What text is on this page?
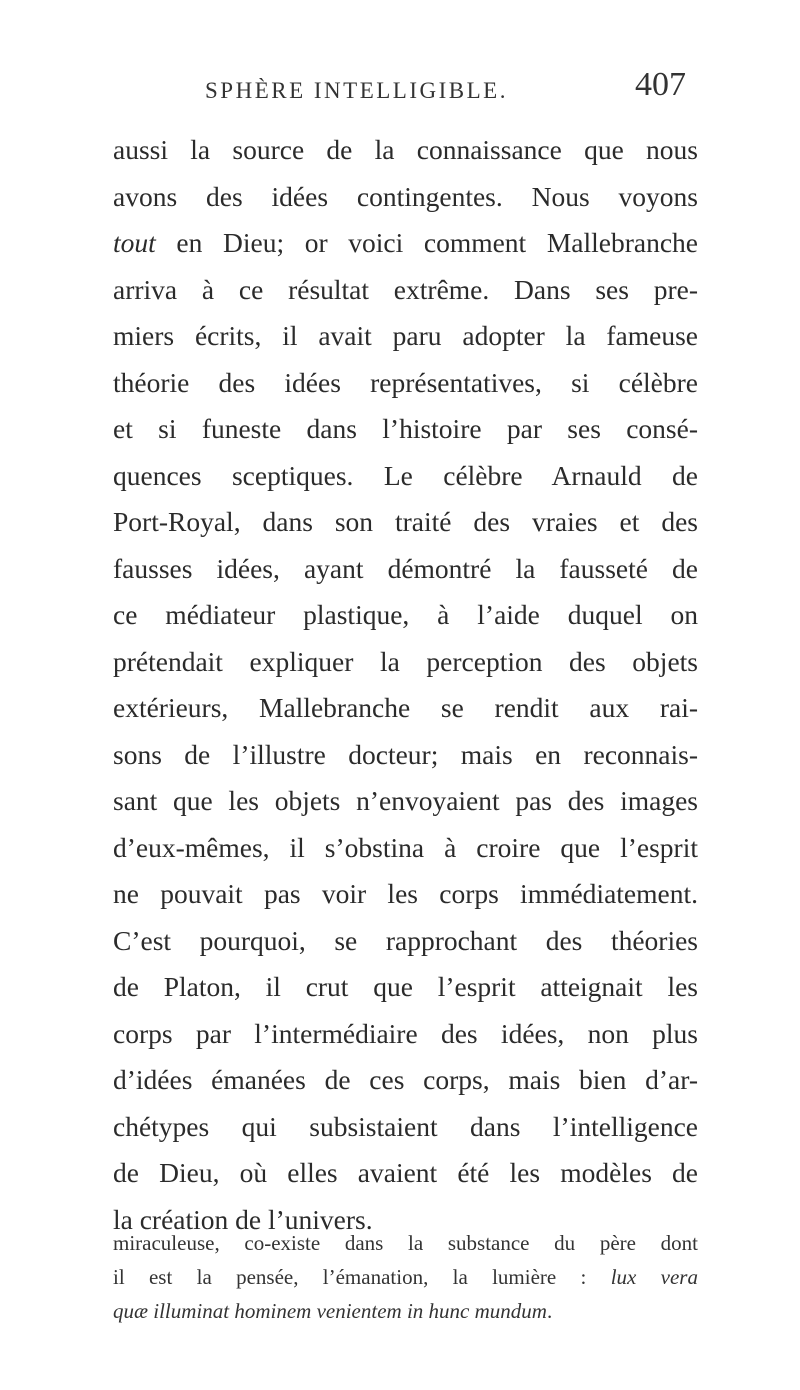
SPHÈRE INTELLIGIBLE.	407
aussi la source de la connaissance que nous
avons des idées contingentes. Nous voyons
tout en Dieu; or voici comment Mallebranche
arriva à ce résultat extrême. Dans ses pre-
miers écrits, il avait paru adopter la fameuse
théorie des idées représentatives, si célèbre
et si funeste dans l’histoire par ses consé-
quences sceptiques. Le célèbre Arnauld de
Port-Royal, dans son traité des vraies et des
fausses idées, ayant démontré la fausseté de
ce médiateur plastique, à l’aide duquel on
prétendait expliquer la perception des objets
extérieurs, Mallebranche se rendit aux rai-
sons de l’illustre docteur; mais en reconnais-
sant que les objets n’envoyaient pas des images
d’eux-mêmes, il s’obstina à croire que l’esprit
ne pouvait pas voir les corps immédiatement.
C’est pourquoi, se rapprochant des théories
de Platon, il crut que l’esprit atteignait les
corps par l’intermédiaire des idées, non plus
d’idées émanées de ces corps, mais bien d’ar-
chétypes qui subsistaient dans l’intelligence
de Dieu, où elles avaient été les modèles de
la création de l’univers.
miraculeuse, co-existe dans la substance du père dont
il est la pensée, l’émanation, la lumière : lux vera
quæ illuminat hominem venientem in hunc mundum.
